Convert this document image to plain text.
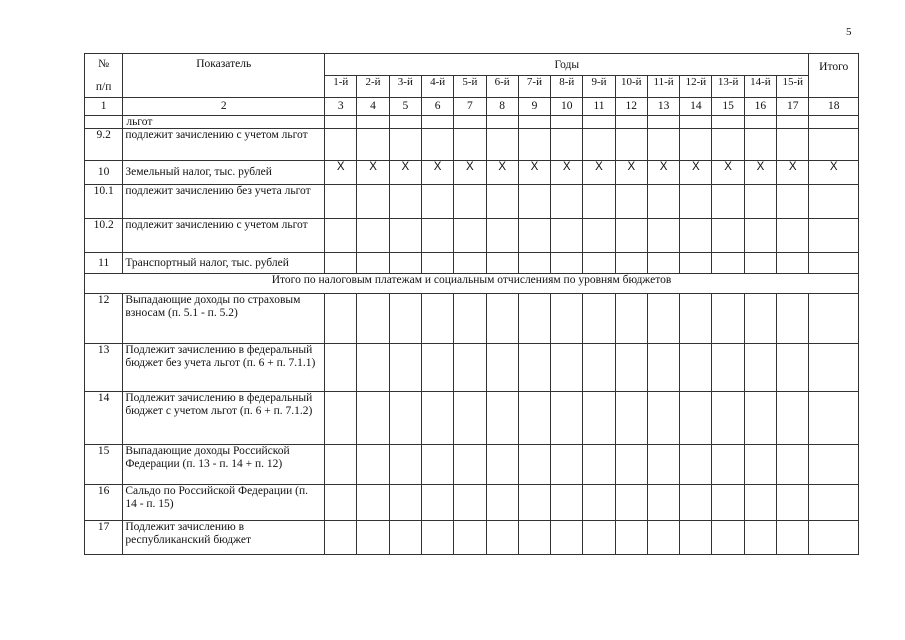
5
№
п/п	Показатель	Годы															Итого
		1-й	2-й	3-й	4-й	5-й	6-й	7-й	8-й	9-й	10-й	11-й	12-й	13-й	14-й	15-й	
1	2	3	4	5	6	7	8	9	10	11	12	13	14	15	16	17	18
	льгот																
9.2	подлежит зачислению с учетом льгот																
10	Земельный налог, тыс. рублей	X	X	X	X	X	X	X	X	X	X	X	X	X	X	X	X
10.1	подлежит зачислению без учета льгот																
10.2	подлежит зачислению с учетом льгот																
11	Транспортный налог, тыс. рублей																
Итого по налоговым платежам и социальным отчислениям по уровням бюджетов																	
12	Выпадающие доходы по страховым взносам (п. 5.1 - п. 5.2)																
13	Подлежит зачислению в федеральный бюджет без учета льгот (п. 6 + п. 7.1.1)																
14	Подлежит зачислению в федеральный бюджет с учетом льгот (п. 6 + п. 7.1.2)																
15	Выпадающие доходы Российской Федерации (п. 13 - п. 14 + п. 12)																
16	Сальдо по Российской Федерации (п. 14 - п. 15)																
17	Подлежит зачислению в республиканский бюджет																
